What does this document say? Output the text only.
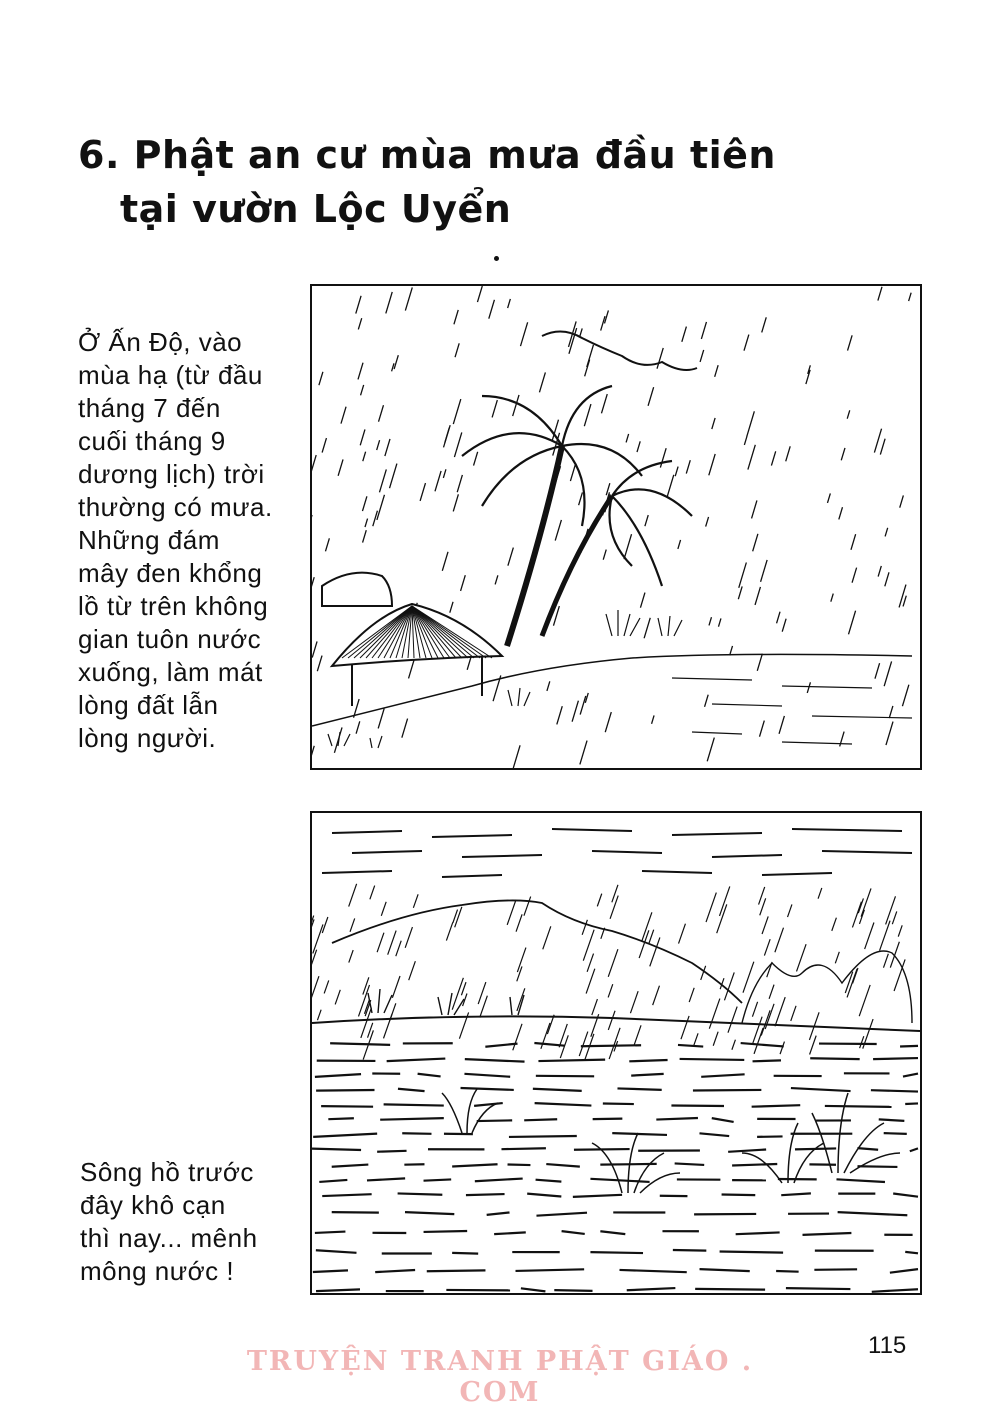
6. Phật an cư mùa mưa đầu tiên
tại vườn Lộc Uyển
Ở Ấn Độ, vào
mùa hạ (từ đầu
tháng 7 đến
cuối tháng 9
dương lịch) trời
thường có mưa.
Những đám
mây đen khổng
lồ từ trên không
gian tuôn nước
xuống, làm mát
lòng đất lẫn
lòng người.
Sông hồ trước
đây khô cạn
thì nay... mênh
mông nước !
TRUYỆN TRANH PHẬT GIÁO . COM
115
